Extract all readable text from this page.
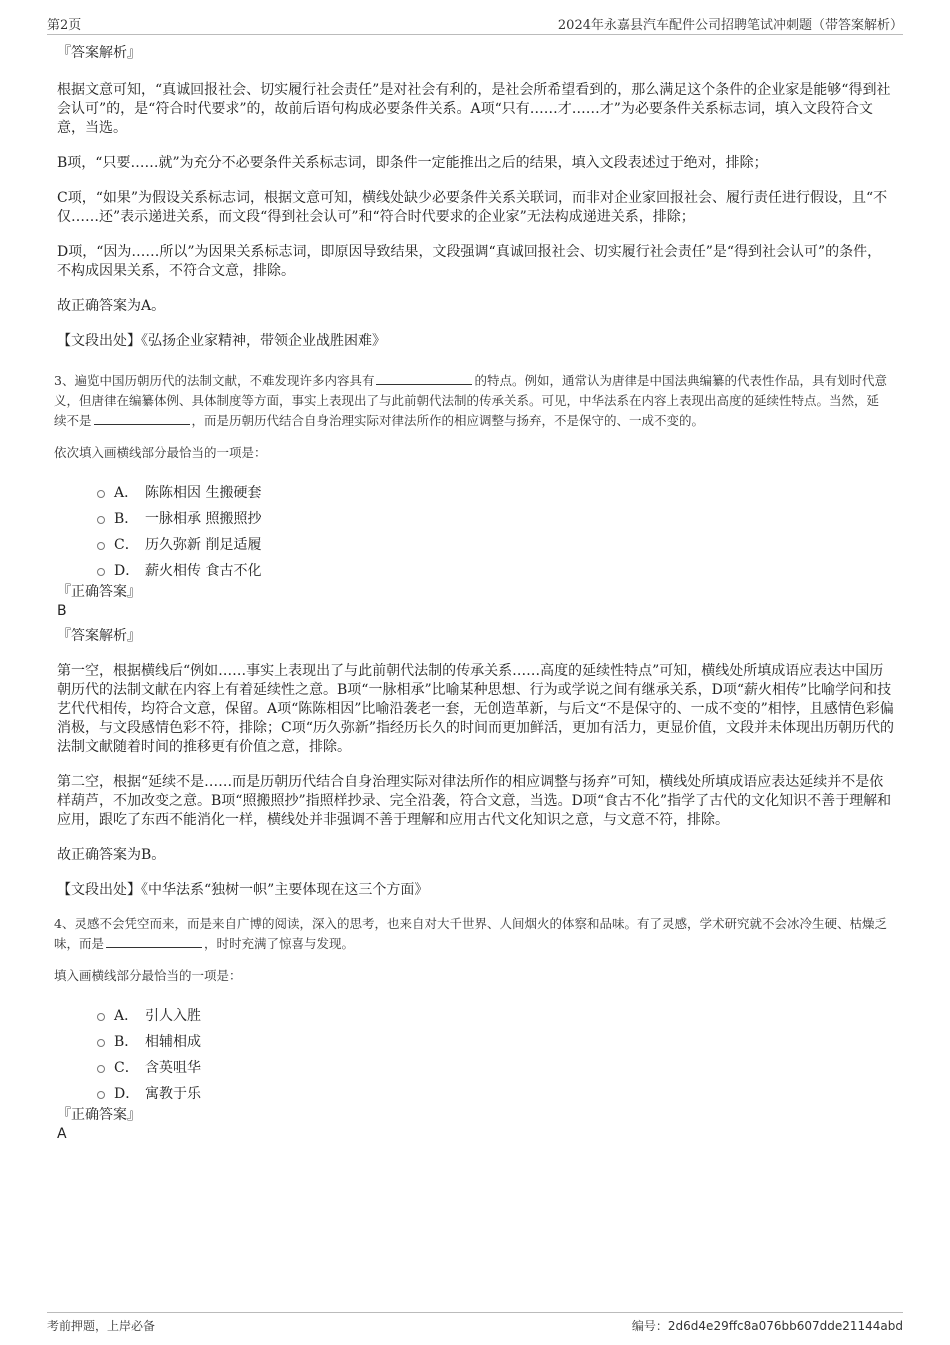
第2页	2024年永嘉县汽车配件公司招聘笔试冲刺题（带答案解析）

『答案解析』

根据文意可知，“真诚回报社会、切实履行社会责任”是对社会有利的，是社会所希望看到的，那么满足这个条件的企业家是能够“得到社会认可”的，是“符合时代要求”的，故前后语句构成必要条件关系。A项“只有……才……才”为必要条件关系标志词，填入文段符合文意，当选。

B项，“只要……就”为充分不必要条件关系标志词，即条件一定能推出之后的结果，填入文段表述过于绝对，排除；

C项，“如果”为假设关系标志词，根据文意可知，横线处缺少必要条件关系关联词，而非对企业家回报社会、履行责任进行假设，且“不仅……还”表示递进关系，而文段“得到社会认可”和“符合时代要求的企业家”无法构成递进关系，排除；

D项，“因为……所以”为因果关系标志词，即原因导致结果，文段强调“真诚回报社会、切实履行社会责任”是“得到社会认可”的条件，不构成因果关系，不符合文意，排除。

故正确答案为A。

【文段出处】《弘扬企业家精神，带领企业战胜困难》

3、遍览中国历朝历代的法制文献，不难发现许多内容具有	的特点。例如，通常认为唐律是中国法典编纂的代表性作品，具有划时代意义，但唐律在编纂体例、具体制度等方面，事实上表现出了与此前朝代法制的传承关系。可见，中华法系在内容上表现出高度的延续性特点。当然，延续不是	，而是历朝历代结合自身治理实际对律法所作的相应调整与扬弃，不是保守的、一成不变的。

依次填入画横线部分最恰当的一项是：

A． 陈陈相因 生搬硬套
B． 一脉相承 照搬照抄
C． 历久弥新 削足适履
D． 薪火相传 食古不化

『正确答案』

B

『答案解析』

第一空，根据横线后“例如……事实上表现出了与此前朝代法制的传承关系……高度的延续性特点”可知，横线处所填成语应表达中国历朝历代的法制文献在内容上有着延续性之意。B项“一脉相承”比喻某种思想、行为或学说之间有继承关系，D项“薪火相传”比喻学问和技艺代代相传，均符合文意，保留。A项“陈陈相因”比喻沿袭老一套，无创造革新，与后文“不是保守的、一成不变的”相悖，且感情色彩偏消极，与文段感情色彩不符，排除；C项“历久弥新”指经历长久的时间而更加鲜活，更加有活力，更显价值，文段并未体现出历朝历代的法制文献随着时间的推移更有价值之意，排除。

第二空，根据“延续不是……而是历朝历代结合自身治理实际对律法所作的相应调整与扬弃”可知，横线处所填成语应表达延续并不是依样葫芦，不加改变之意。B项“照搬照抄”指照样抄录、完全沿袭，符合文意，当选。D项“食古不化”指学了古代的文化知识不善于理解和应用，跟吃了东西不能消化一样，横线处并非强调不善于理解和应用古代文化知识之意，与文意不符，排除。

故正确答案为B。

【文段出处】《中华法系“独树一帜”主要体现在这三个方面》

4、灵感不会凭空而来，而是来自广博的阅读，深入的思考，也来自对大千世界、人间烟火的体察和品味。有了灵感，学术研究就不会冰冷生硬、枯燥乏味，而是	，时时充满了惊喜与发现。

填入画横线部分最恰当的一项是：

A． 引人入胜
B． 相辅相成
C． 含英咀华
D． 寓教于乐

『正确答案』

A

考前押题，上岸必备	编号：2d6d4e29ffc8a076bb607dde21144abd
